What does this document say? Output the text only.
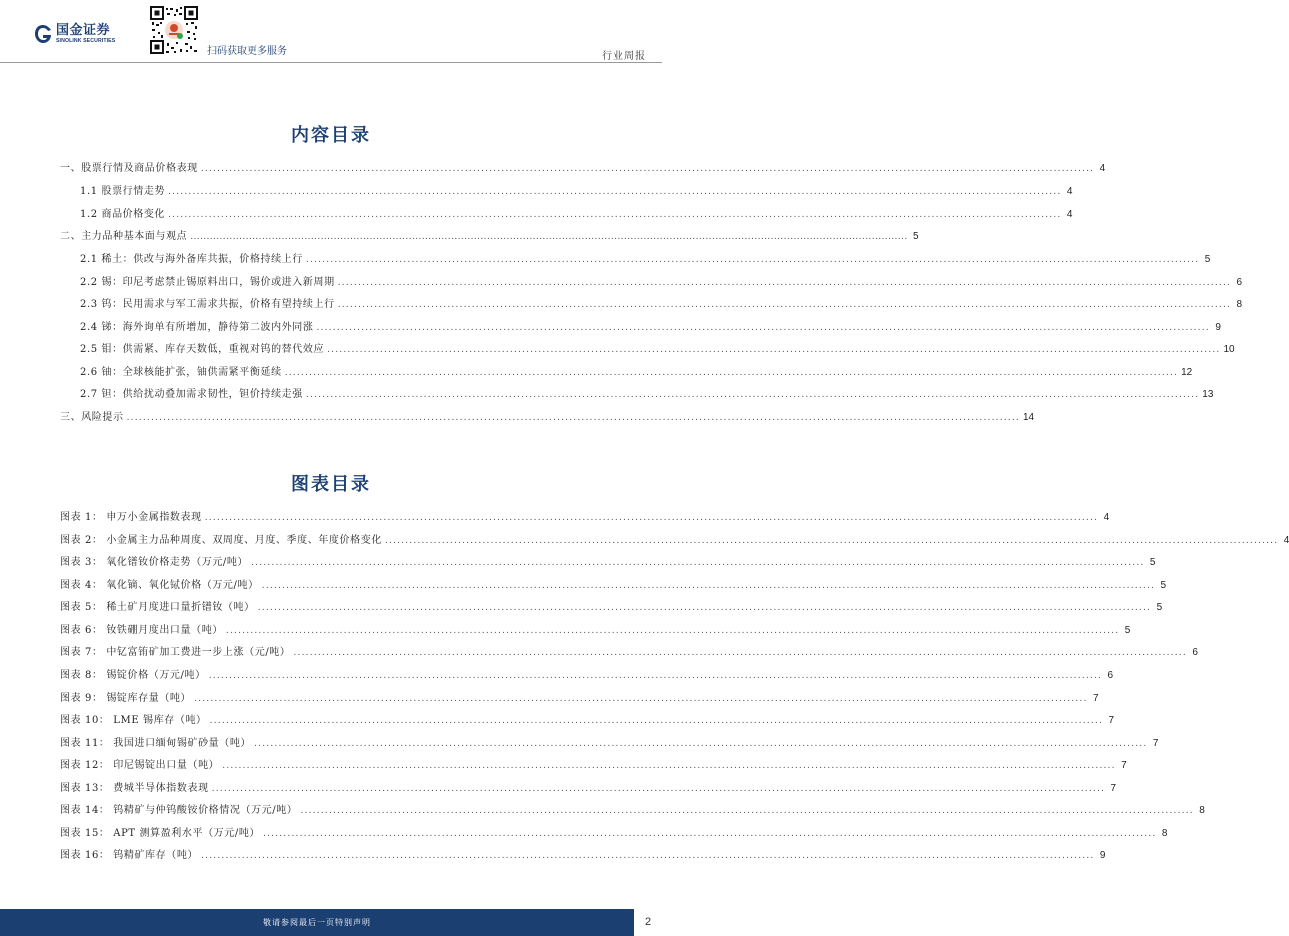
国金证券
SINOLINK SECURITIES
扫码获取更多服务	行业周报
内容目录
一、股票行情及商品价格表现 ............................................................................................................................................................................................................................ 4
1.1 股票行情走势 ............................................................................................................................................................................................................................ 4
1.2 商品价格变化 ............................................................................................................................................................................................................................ 4
二、主力品种基本面与观点 ............................................................................................................................................................................................................................ 5
2.1 稀土：供改与海外备库共振，价格持续上行 ............................................................................................................................................................................................................................ 5
2.2 锡：印尼考虑禁止锡原料出口，锡价或进入新周期 ............................................................................................................................................................................................................................ 6
2.3 钨：民用需求与军工需求共振，价格有望持续上行 ............................................................................................................................................................................................................................ 8
2.4 锑：海外询单有所增加，静待第二波内外同涨 ............................................................................................................................................................................................................................ 9
2.5 钼：供需紧、库存天数低，重视对钨的替代效应 ............................................................................................................................................................................................................................ 10
2.6 铀：全球核能扩张，铀供需紧平衡延续 ............................................................................................................................................................................................................................ 12
2.7 钽：供给扰动叠加需求韧性，钽价持续走强 ............................................................................................................................................................................................................................ 13
三、风险提示 ............................................................................................................................................................................................................................ 14
图表目录
图表 1： 申万小金属指数表现 ............................................................................................................................................................................................................................ 4
图表 2： 小金属主力品种周度、双周度、月度、季度、年度价格变化 ............................................................................................................................................................................................................................ 4
图表 3： 氧化镨钕价格走势（万元/吨） ............................................................................................................................................................................................................................ 5
图表 4： 氧化镝、氧化铽价格（万元/吨） ............................................................................................................................................................................................................................ 5
图表 5： 稀土矿月度进口量折镨钕（吨） ............................................................................................................................................................................................................................ 5
图表 6： 钕铁硼月度出口量（吨） ............................................................................................................................................................................................................................ 5
图表 7： 中钇富铕矿加工费进一步上涨（元/吨） ............................................................................................................................................................................................................................ 6
图表 8： 锡锭价格（万元/吨） ............................................................................................................................................................................................................................ 6
图表 9： 锡锭库存量（吨） ............................................................................................................................................................................................................................ 7
图表 10： LME 锡库存（吨） ............................................................................................................................................................................................................................ 7
图表 11： 我国进口缅甸锡矿砂量（吨） ............................................................................................................................................................................................................................ 7
图表 12： 印尼锡锭出口量（吨） ............................................................................................................................................................................................................................ 7
图表 13： 费城半导体指数表现 ............................................................................................................................................................................................................................ 7
图表 14： 钨精矿与仲钨酸铵价格情况（万元/吨） ............................................................................................................................................................................................................................ 8
图表 15： APT 测算盈利水平（万元/吨） ............................................................................................................................................................................................................................ 8
图表 16： 钨精矿库存（吨） ............................................................................................................................................................................................................................ 9
敬请参阅最后一页特别声明	2
